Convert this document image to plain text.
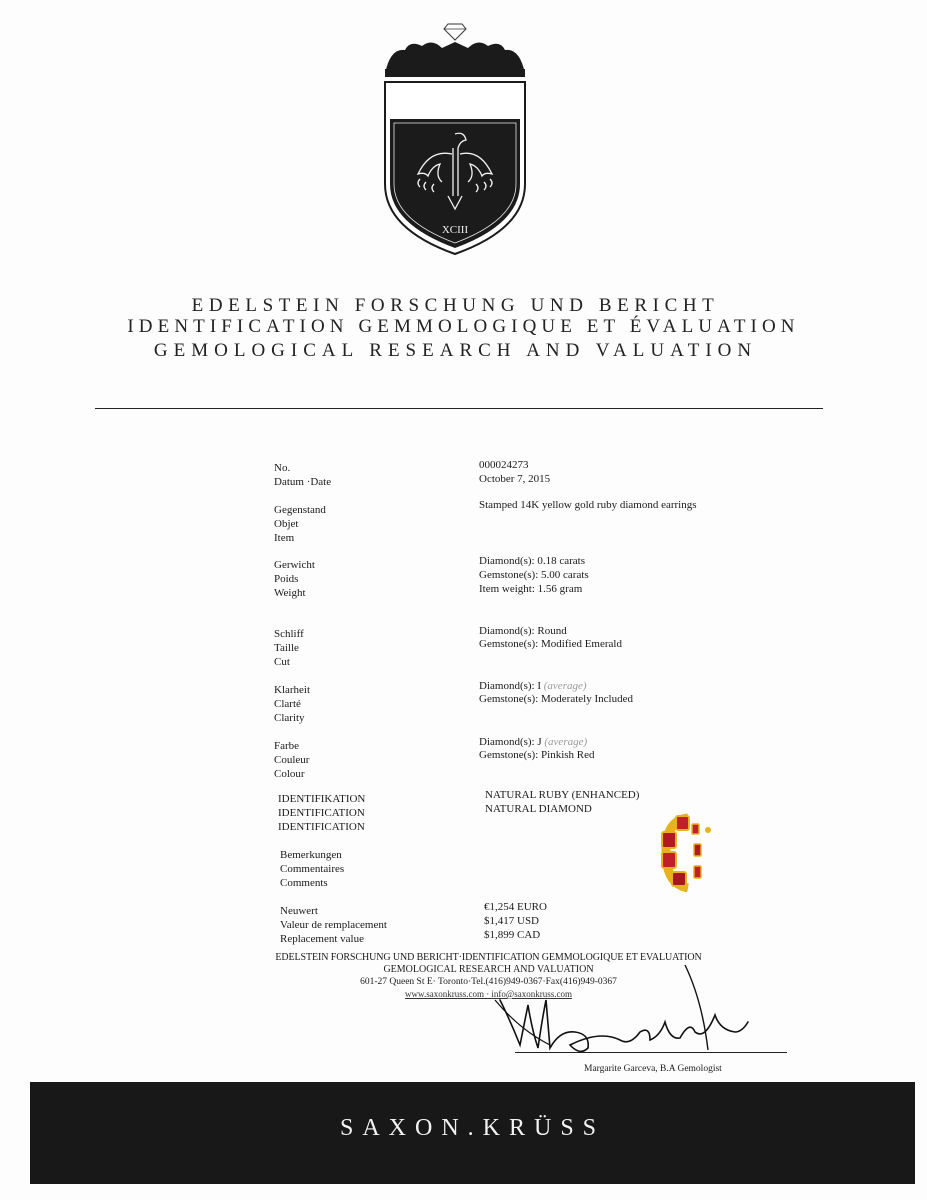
XCIII
EDELSTEIN FORSCHUNG UND BERICHT
IDENTIFICATION GEMMOLOGIQUE ET ÉVALUATION
GEMOLOGICAL RESEARCH AND VALUATION
No.
Datum ·Date
000024273
October 7, 2015
Gegenstand
Objet
Item
Stamped 14K yellow gold ruby diamond earrings
Gerwicht
Poids
Weight
Diamond(s): 0.18 carats
Gemstone(s): 5.00 carats
Item weight: 1.56 gram
Schliff
Taille
Cut
Diamond(s): Round
Gemstone(s): Modified Emerald
Klarheit
Clarté
Clarity
Diamond(s): I (average)
Gemstone(s): Moderately Included
Farbe
Couleur
Colour
Diamond(s): J (average)
Gemstone(s): Pinkish Red
IDENTIFIKATION
IDENTIFICATION
IDENTIFICATION
NATURAL RUBY (ENHANCED)
NATURAL DIAMOND
Bemerkungen
Commentaires
Comments
Neuwert
Valeur de remplacement
Replacement value
€1,254 EURO
$1,417 USD
$1,899 CAD
EDELSTEIN FORSCHUNG UND BERICHT·IDENTIFICATION GEMMOLOGIQUE ET EVALUATION
GEMOLOGICAL RESEARCH AND VALUATION
601-27 Queen St E· Toronto·Tel.(416)949-0367·Fax(416)949-0367
www.saxonkruss.com · info@saxonkruss.com
Margarite Garceva, B.A Gemologist
SAXON.KRÜSS
